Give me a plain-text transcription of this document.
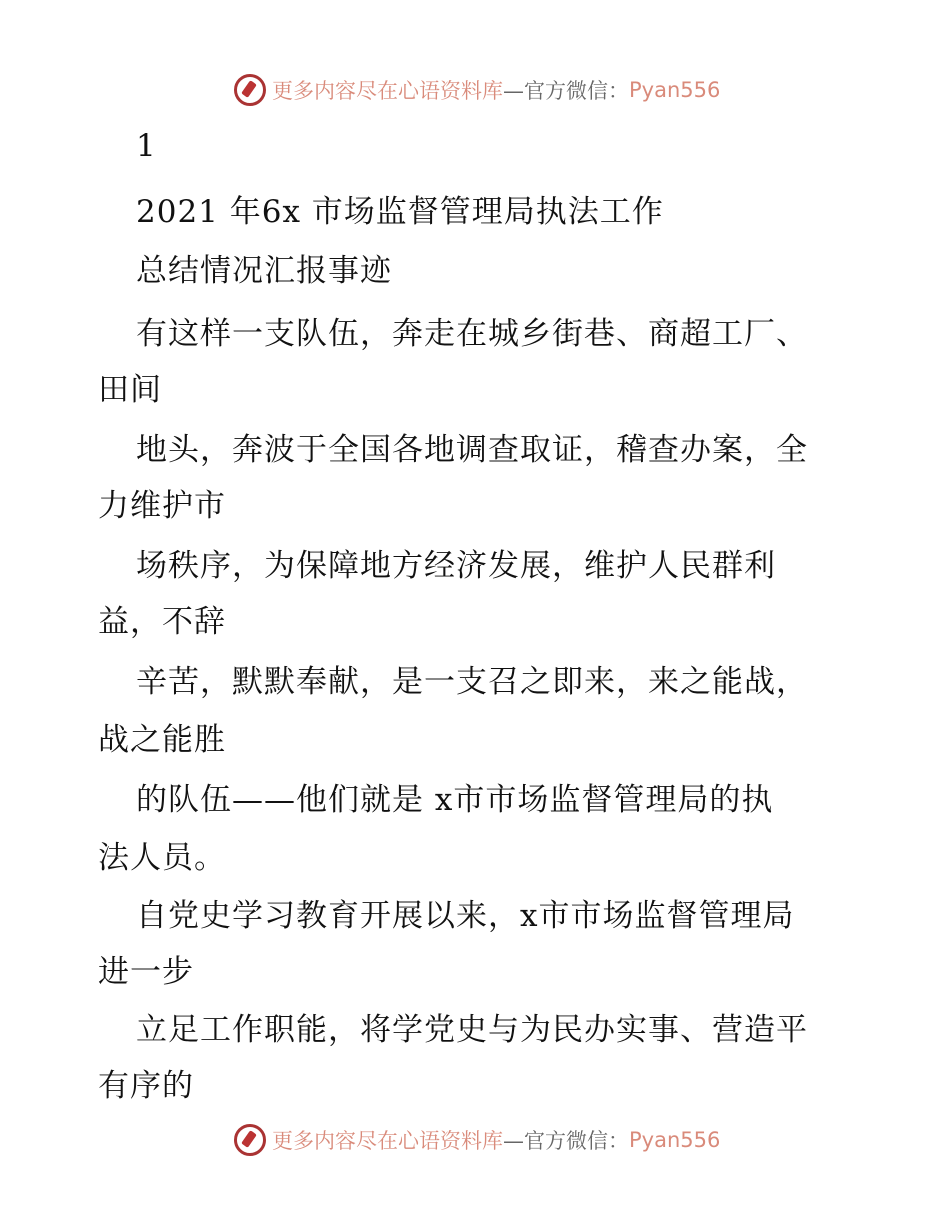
更多内容尽在心语资料库 —官方微信： Pyan556
1
2021 年6x 市场监督管理局执法工作
总结情况汇报事迹
有这样一支队伍，奔走在城乡街巷、商超工厂、
田间
地头，奔波于全国各地调查取证，稽查办案，全
力维护市
场秩序，为保障地方经济发展，维护人民群利
益，不辞
辛苦，默默奉献，是一支召之即来，来之能战，
战之能胜
的队伍——他们就是 x市市场监督管理局的执
法人员。
自党史学习教育开展以来，x市市场监督管理局
进一步
立足工作职能，将学党史与为民办实事、营造平
有序的
更多内容尽在心语资料库 —官方微信： Pyan556
